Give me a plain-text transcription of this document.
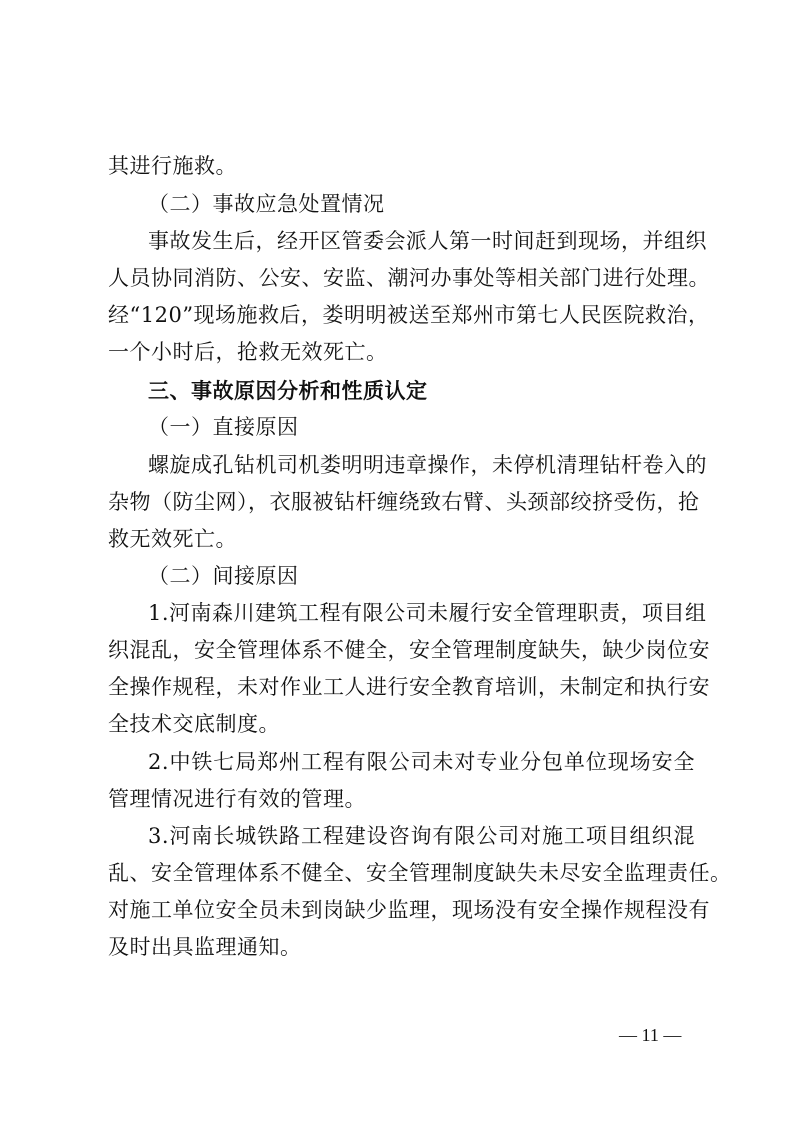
其进行施救。
（二）事故应急处置情况
事故发生后，经开区管委会派人第一时间赶到现场，并组织
人员协同消防、公安、安监、潮河办事处等相关部门进行处理。
经“120”现场施救后，娄明明被送至郑州市第七人民医院救治，
一个小时后，抢救无效死亡。
三、事故原因分析和性质认定
（一）直接原因
螺旋成孔钻机司机娄明明违章操作，未停机清理钻杆卷入的
杂物（防尘网），衣服被钻杆缠绕致右臂、头颈部绞挤受伤，抢
救无效死亡。
（二）间接原因
1.河南森川建筑工程有限公司未履行安全管理职责，项目组
织混乱，安全管理体系不健全，安全管理制度缺失，缺少岗位安
全操作规程，未对作业工人进行安全教育培训，未制定和执行安
全技术交底制度。
2.中铁七局郑州工程有限公司未对专业分包单位现场安全
管理情况进行有效的管理。
3.河南长城铁路工程建设咨询有限公司对施工项目组织混
乱、安全管理体系不健全、安全管理制度缺失未尽安全监理责任。
对施工单位安全员未到岗缺少监理，现场没有安全操作规程没有
及时出具监理通知。
— 11 —
